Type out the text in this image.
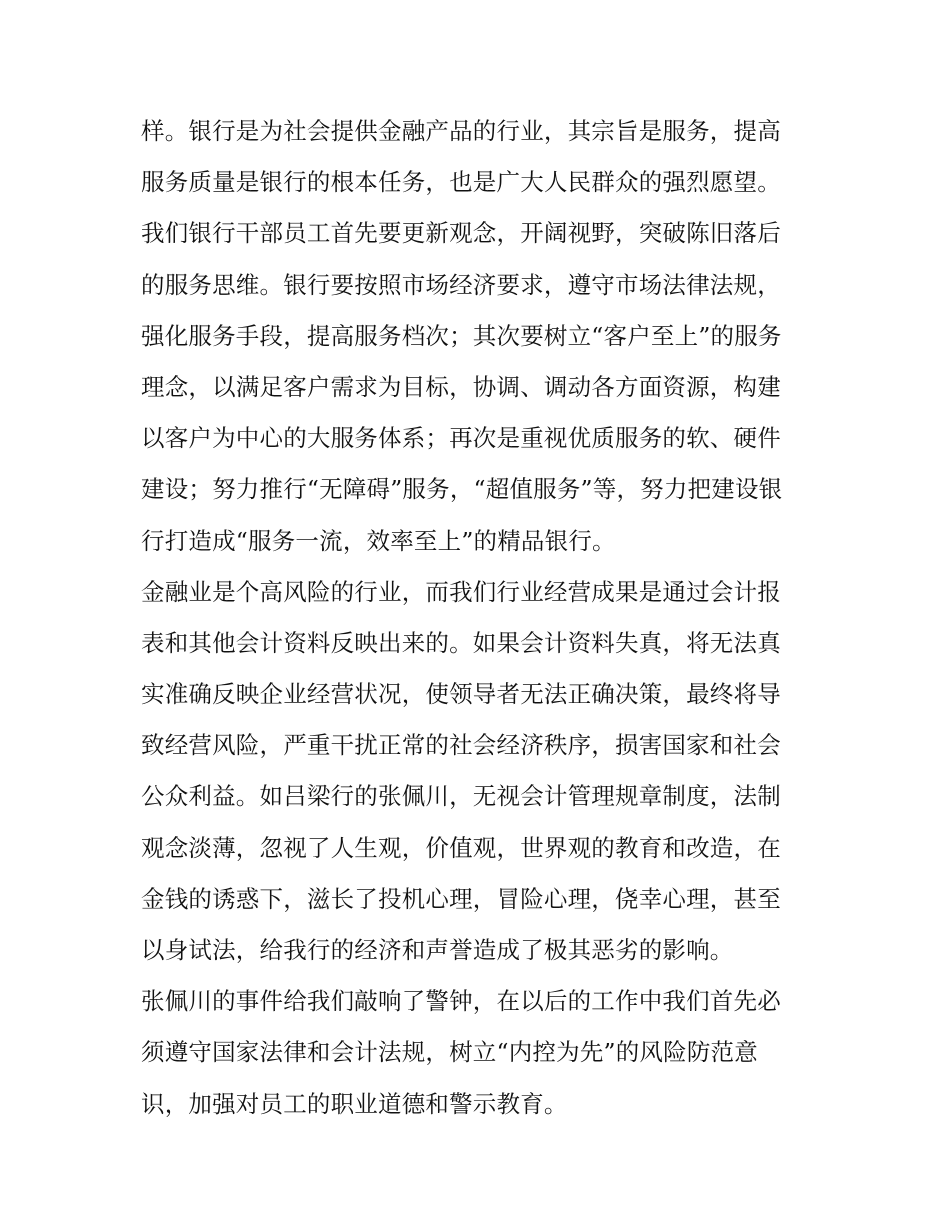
样。银行是为社会提供金融产品的行业，其宗旨是服务，提高
服务质量是银行的根本任务，也是广大人民群众的强烈愿望。
我们银行干部员工首先要更新观念，开阔视野，突破陈旧落后
的服务思维。银行要按照市场经济要求，遵守市场法律法规，
强化服务手段，提高服务档次；其次要树立“客户至上”的服务
理念，以满足客户需求为目标，协调、调动各方面资源，构建
以客户为中心的大服务体系；再次是重视优质服务的软、硬件
建设；努力推行“无障碍”服务，“超值服务”等，努力把建设银
行打造成“服务一流，效率至上”的精品银行。
金融业是个高风险的行业，而我们行业经营成果是通过会计报
表和其他会计资料反映出来的。如果会计资料失真，将无法真
实准确反映企业经营状况，使领导者无法正确决策，最终将导
致经营风险，严重干扰正常的社会经济秩序，损害国家和社会
公众利益。如吕梁行的张佩川，无视会计管理规章制度，法制
观念淡薄，忽视了人生观，价值观，世界观的教育和改造，在
金钱的诱惑下，滋长了投机心理，冒险心理，侥幸心理，甚至
以身试法，给我行的经济和声誉造成了极其恶劣的影响。
张佩川的事件给我们敲响了警钟，在以后的工作中我们首先必
须遵守国家法律和会计法规，树立“内控为先”的风险防范意
识，加强对员工的职业道德和警示教育。
